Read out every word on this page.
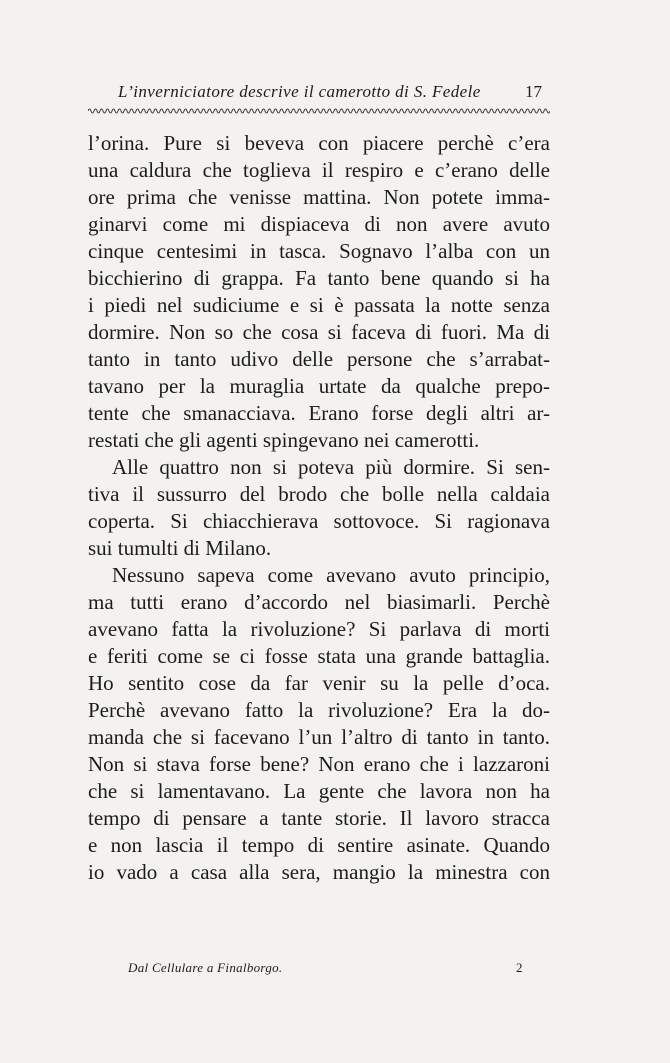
L’inverniciatore descrive il camerotto di S. Fedele	17
l’orina. Pure si beveva con piacere perchè c’era
una caldura che toglieva il respiro e c’erano delle
ore prima che venisse mattina. Non potete imma-
ginarvi come mi dispiaceva di non avere avuto
cinque centesimi in tasca. Sognavo l’alba con un
bicchierino di grappa. Fa tanto bene quando si ha
i piedi nel sudiciume e si è passata la notte senza
dormire. Non so che cosa si faceva di fuori. Ma di
tanto in tanto udivo delle persone che s’arrabat-
tavano per la muraglia urtate da qualche prepo-
tente che smanacciava. Erano forse degli altri ar-
restati che gli agenti spingevano nei camerotti.
Alle quattro non si poteva più dormire. Si sen-
tiva il sussurro del brodo che bolle nella caldaia
coperta. Si chiacchierava sottovoce. Si ragionava
sui tumulti di Milano.
Nessuno sapeva come avevano avuto principio,
ma tutti erano d’accordo nel biasimarli. Perchè
avevano fatta la rivoluzione? Si parlava di morti
e feriti come se ci fosse stata una grande battaglia.
Ho sentito cose da far venir su la pelle d’oca.
Perchè avevano fatto la rivoluzione? Era la do-
manda che si facevano l’un l’altro di tanto in tanto.
Non si stava forse bene? Non erano che i lazzaroni
che si lamentavano. La gente che lavora non ha
tempo di pensare a tante storie. Il lavoro stracca
e non lascia il tempo di sentire asinate. Quando
io vado a casa alla sera, mangio la minestra con
Dal Cellulare a Finalborgo.	2
